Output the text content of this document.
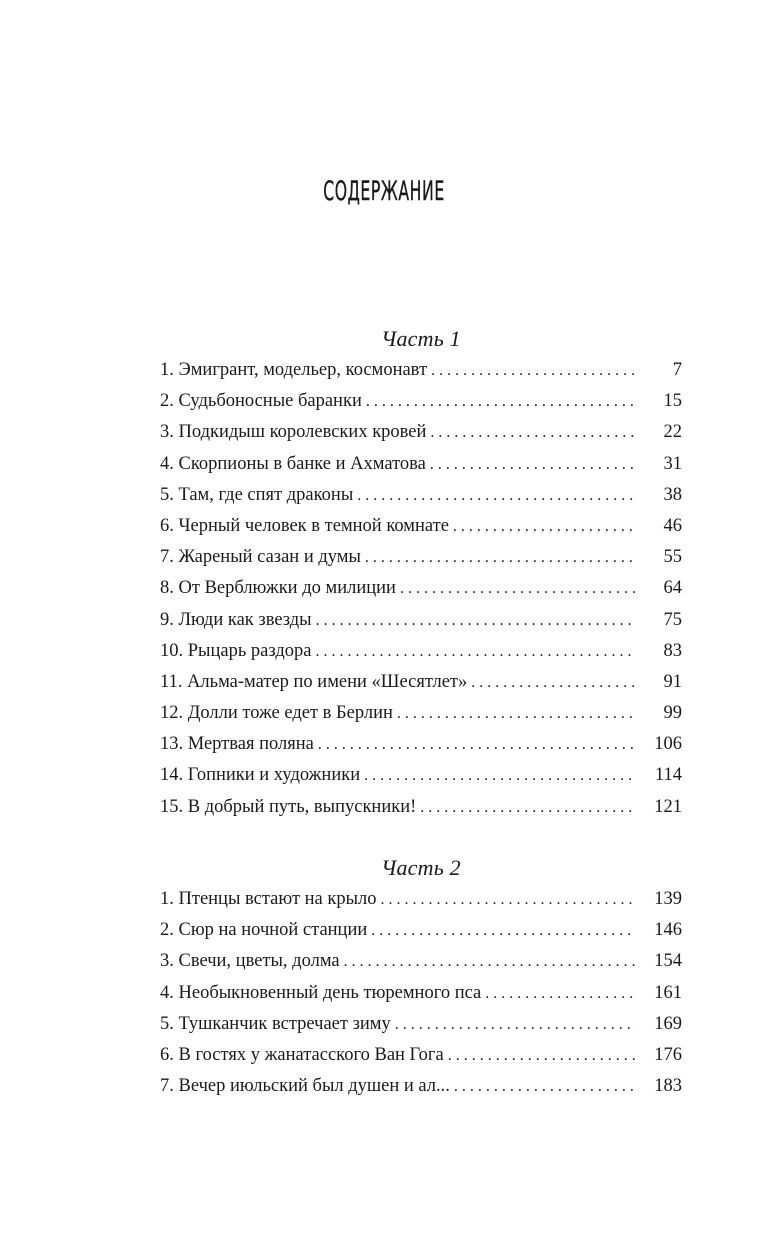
СОДЕРЖАНИЕ
Часть 1
1. Эмигрант, модельер, космонавт . . .	7
2. Судьбоносные баранки . . .	15
3. Подкидыш королевских кровей . . .	22
4. Скорпионы в банке и Ахматова . . .	31
5. Там, где спят драконы . . .	38
6. Черный человек в темной комнате . . .	46
7. Жареный сазан и думы . . .	55
8. От Верблюжки до милиции . . .	64
9. Люди как звезды . . .	75
10. Рыцарь раздора . . .	83
11. Альма-матер по имени «Шесятлет» . . .	91
12. Долли тоже едет в Берлин . . .	99
13. Мертвая поляна . . .	106
14. Гопники и художники . . .	114
15. В добрый путь, выпускники! . . .	121
Часть 2
1. Птенцы встают на крыло . . .	139
2. Сюр на ночной станции . . .	146
3. Свечи, цветы, долма . . .	154
4. Необыкновенный день тюремного пса . . .	161
5. Тушканчик встречает зиму . . .	169
6. В гостях у жанатасского Ван Гога . . .	176
7. Вечер июльский был душен и ал... . . .	183
